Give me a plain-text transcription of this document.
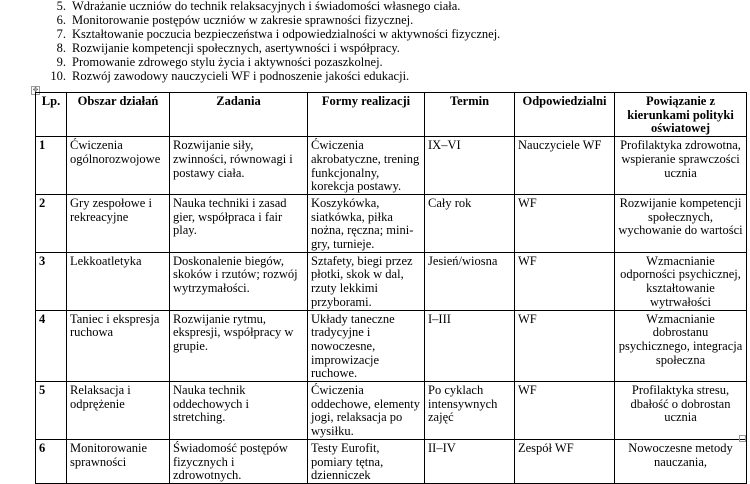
5. Wdrażanie uczniów do technik relaksacyjnych i świadomości własnego ciała.
6. Monitorowanie postępów uczniów w zakresie sprawności fizycznej.
7. Kształtowanie poczucia bezpieczeństwa i odpowiedzialności w aktywności fizycznej.
8. Rozwijanie kompetencji społecznych, asertywności i współpracy.
9. Promowanie zdrowego stylu życia i aktywności pozaszkolnej.
10. Rozwój zawodowy nauczycieli WF i podnoszenie jakości edukacji.
✥
Lp.	Obszar działań	Zadania	Formy realizacji	Termin	Odpowiedzialni	Powiązanie z kierunkami polityki oświatowej
1	Ćwiczenia ogólnorozwojowe	Rozwijanie siły, zwinności, równowagi i postawy ciała.	Ćwiczenia akrobatyczne, trening funkcjonalny, korekcja postawy.	IX–VI	Nauczyciele WF	Profilaktyka zdrowotna, wspieranie sprawczości ucznia
2	Gry zespołowe i rekreacyjne	Nauka techniki i zasad gier, współpraca i fair play.	Koszykówka, siatkówka, piłka nożna, ręczna; mini-gry, turnieje.	Cały rok	WF	Rozwijanie kompetencji społecznych, wychowanie do wartości
3	Lekkoatletyka	Doskonalenie biegów, skoków i rzutów; rozwój wytrzymałości.	Sztafety, biegi przez płotki, skok w dal, rzuty lekkimi przyborami.	Jesień/wiosna	WF	Wzmacnianie odporności psychicznej, kształtowanie wytrwałości
4	Taniec i ekspresja ruchowa	Rozwijanie rytmu, ekspresji, współpracy w grupie.	Układy taneczne tradycyjne i nowoczesne, improwizacje ruchowe.	I–III	WF	Wzmacnianie dobrostanu psychicznego, integracja społeczna
5	Relaksacja i odprężenie	Nauka technik oddechowych i stretching.	Ćwiczenia oddechowe, elementy jogi, relaksacja po wysiłku.	Po cyklach intensywnych zajęć	WF	Profilaktyka stresu, dbałość o dobrostan ucznia
6	Monitorowanie sprawności	Świadomość postępów fizycznych i zdrowotnych.	Testy Eurofit, pomiary tętna, dzienniczek	II–IV	Zespół WF	Nowoczesne metody nauczania,
